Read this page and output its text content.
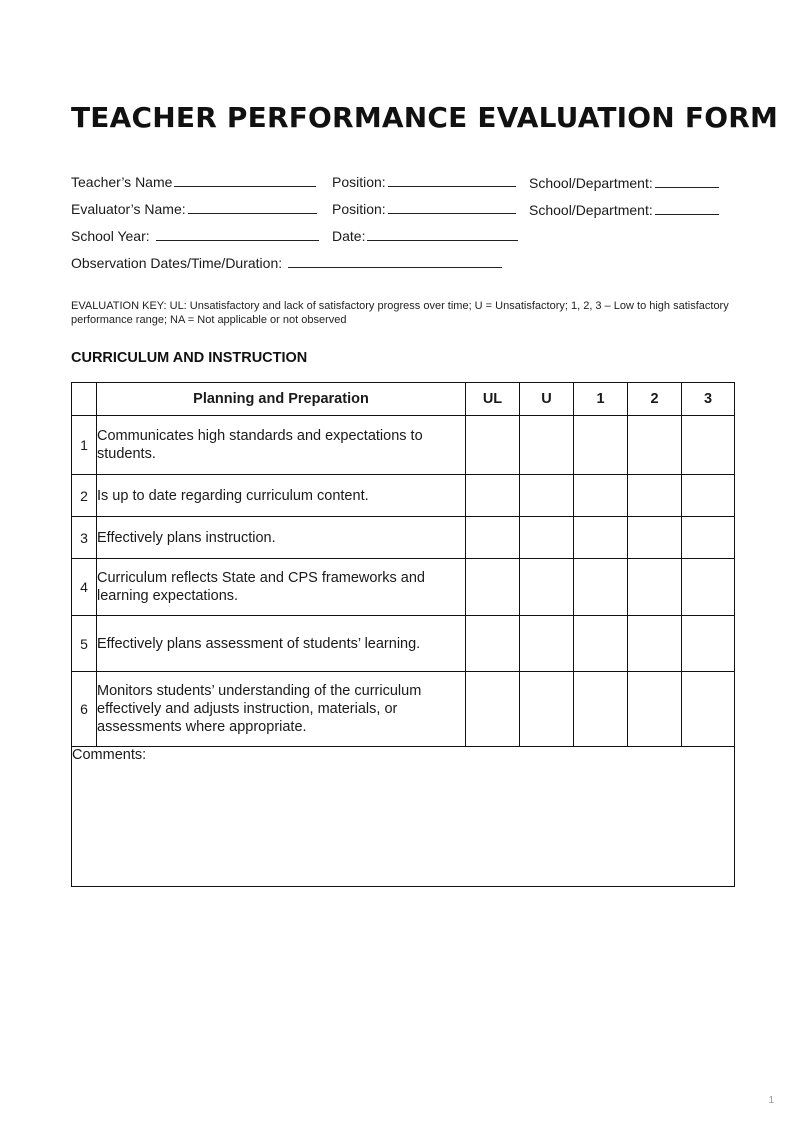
TEACHER PERFORMANCE EVALUATION FORM
Teacher’s Name	Position:	School/Department:
Evaluator’s Name:	Position:	School/Department:
School Year:	Date:
Observation Dates/Time/Duration:
EVALUATION KEY: UL: Unsatisfactory and lack of satisfactory progress over time; U = Unsatisfactory; 1, 2, 3 – Low to high satisfactory performance range; NA = Not applicable or not observed
CURRICULUM AND INSTRUCTION
	Planning and Preparation	UL	U	1	2	3
1	Communicates high standards and expectations to students.					
2	Is up to date regarding curriculum content.					
3	Effectively plans instruction.					
4	Curriculum reflects State and CPS frameworks and learning expectations.					
5	Effectively plans assessment of students’ learning.					
6	Monitors students’ understanding of the curriculum effectively and adjusts instruction, materials, or assessments where appropriate.					
Comments:						
1
